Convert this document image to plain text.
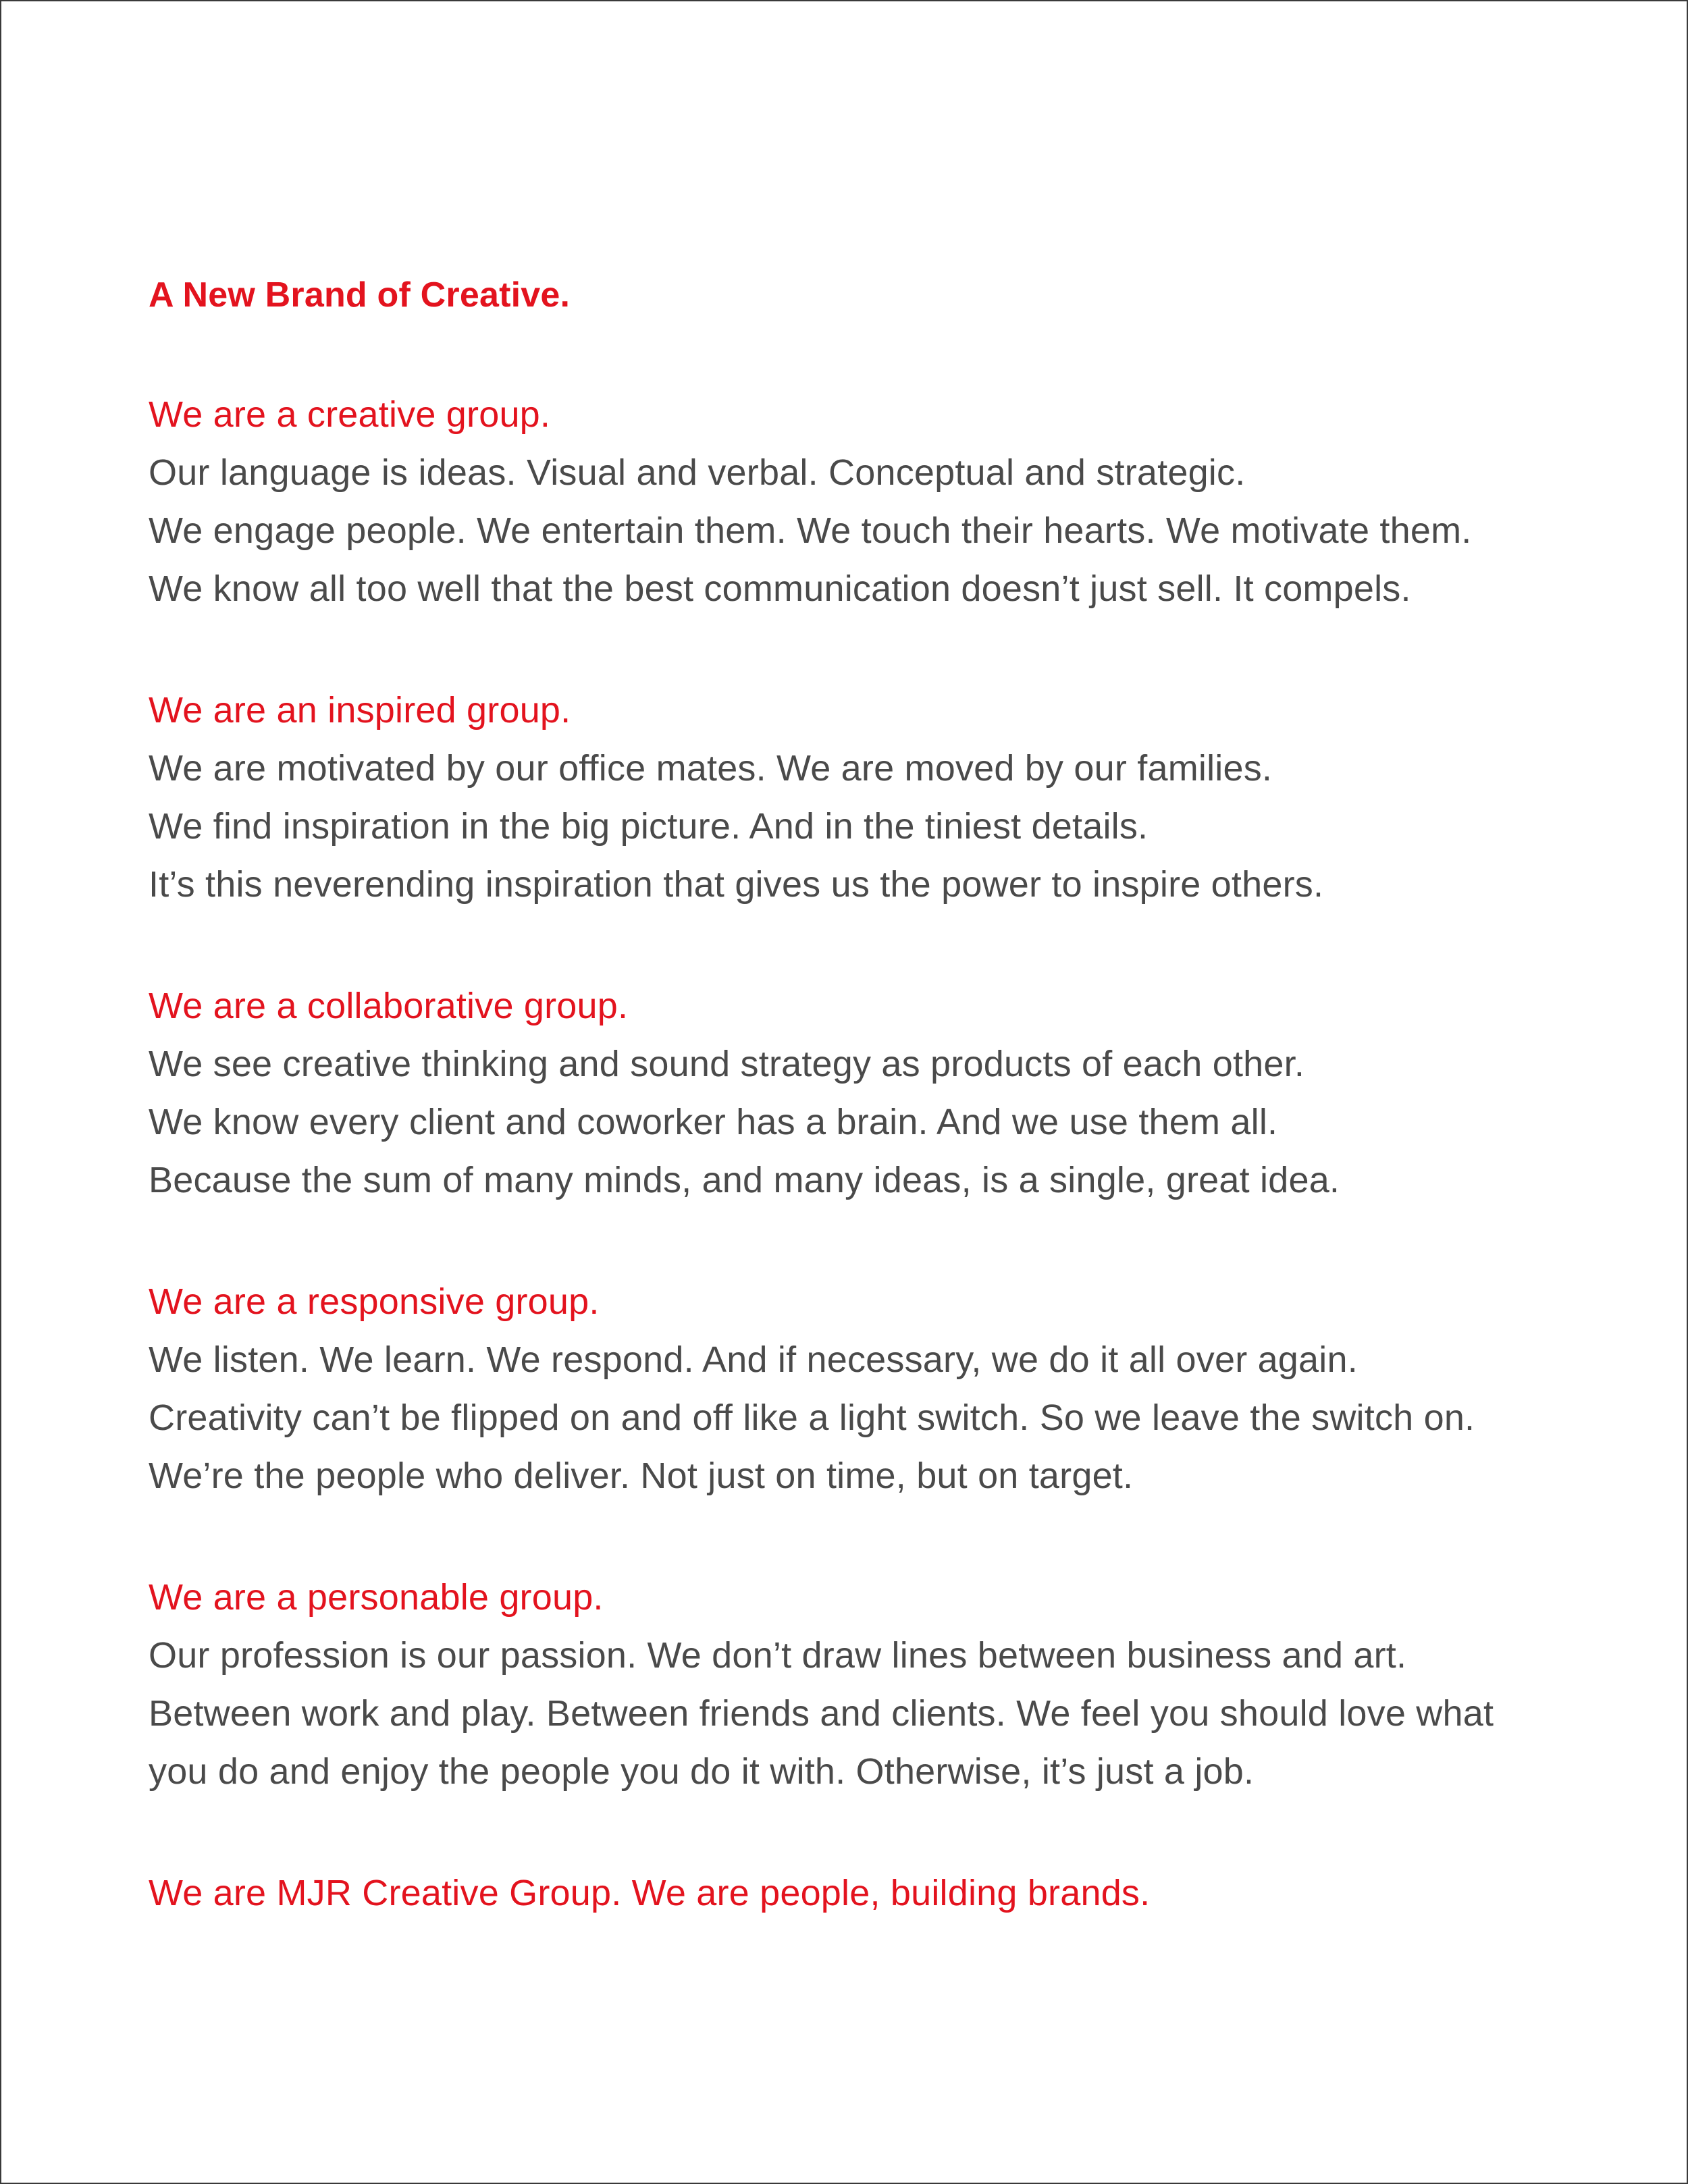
A New Brand of Creative.

We are a creative group.

Our language is ideas. Visual and verbal. Conceptual and strategic.

We engage people. We entertain them. We touch their hearts. We motivate them.

We know all too well that the best communication doesn’t just sell. It compels.

We are an inspired group.

We are motivated by our office mates. We are moved by our families.

We find inspiration in the big picture. And in the tiniest details.

It’s this neverending inspiration that gives us the power to inspire others.

We are a collaborative group.

We see creative thinking and sound strategy as products of each other.

We know every client and coworker has a brain. And we use them all.

Because the sum of many minds, and many ideas, is a single, great idea.

We are a responsive group.

We listen. We learn. We respond. And if necessary, we do it all over again.

Creativity can’t be flipped on and off like a light switch. So we leave the switch on.

We’re the people who deliver. Not just on time, but on target.

We are a personable group.

Our profession is our passion. We don’t draw lines between business and art.

Between work and play. Between friends and clients. We feel you should love what

you do and enjoy the people you do it with. Otherwise, it’s just a job.

We are MJR Creative Group. We are people, building brands.
